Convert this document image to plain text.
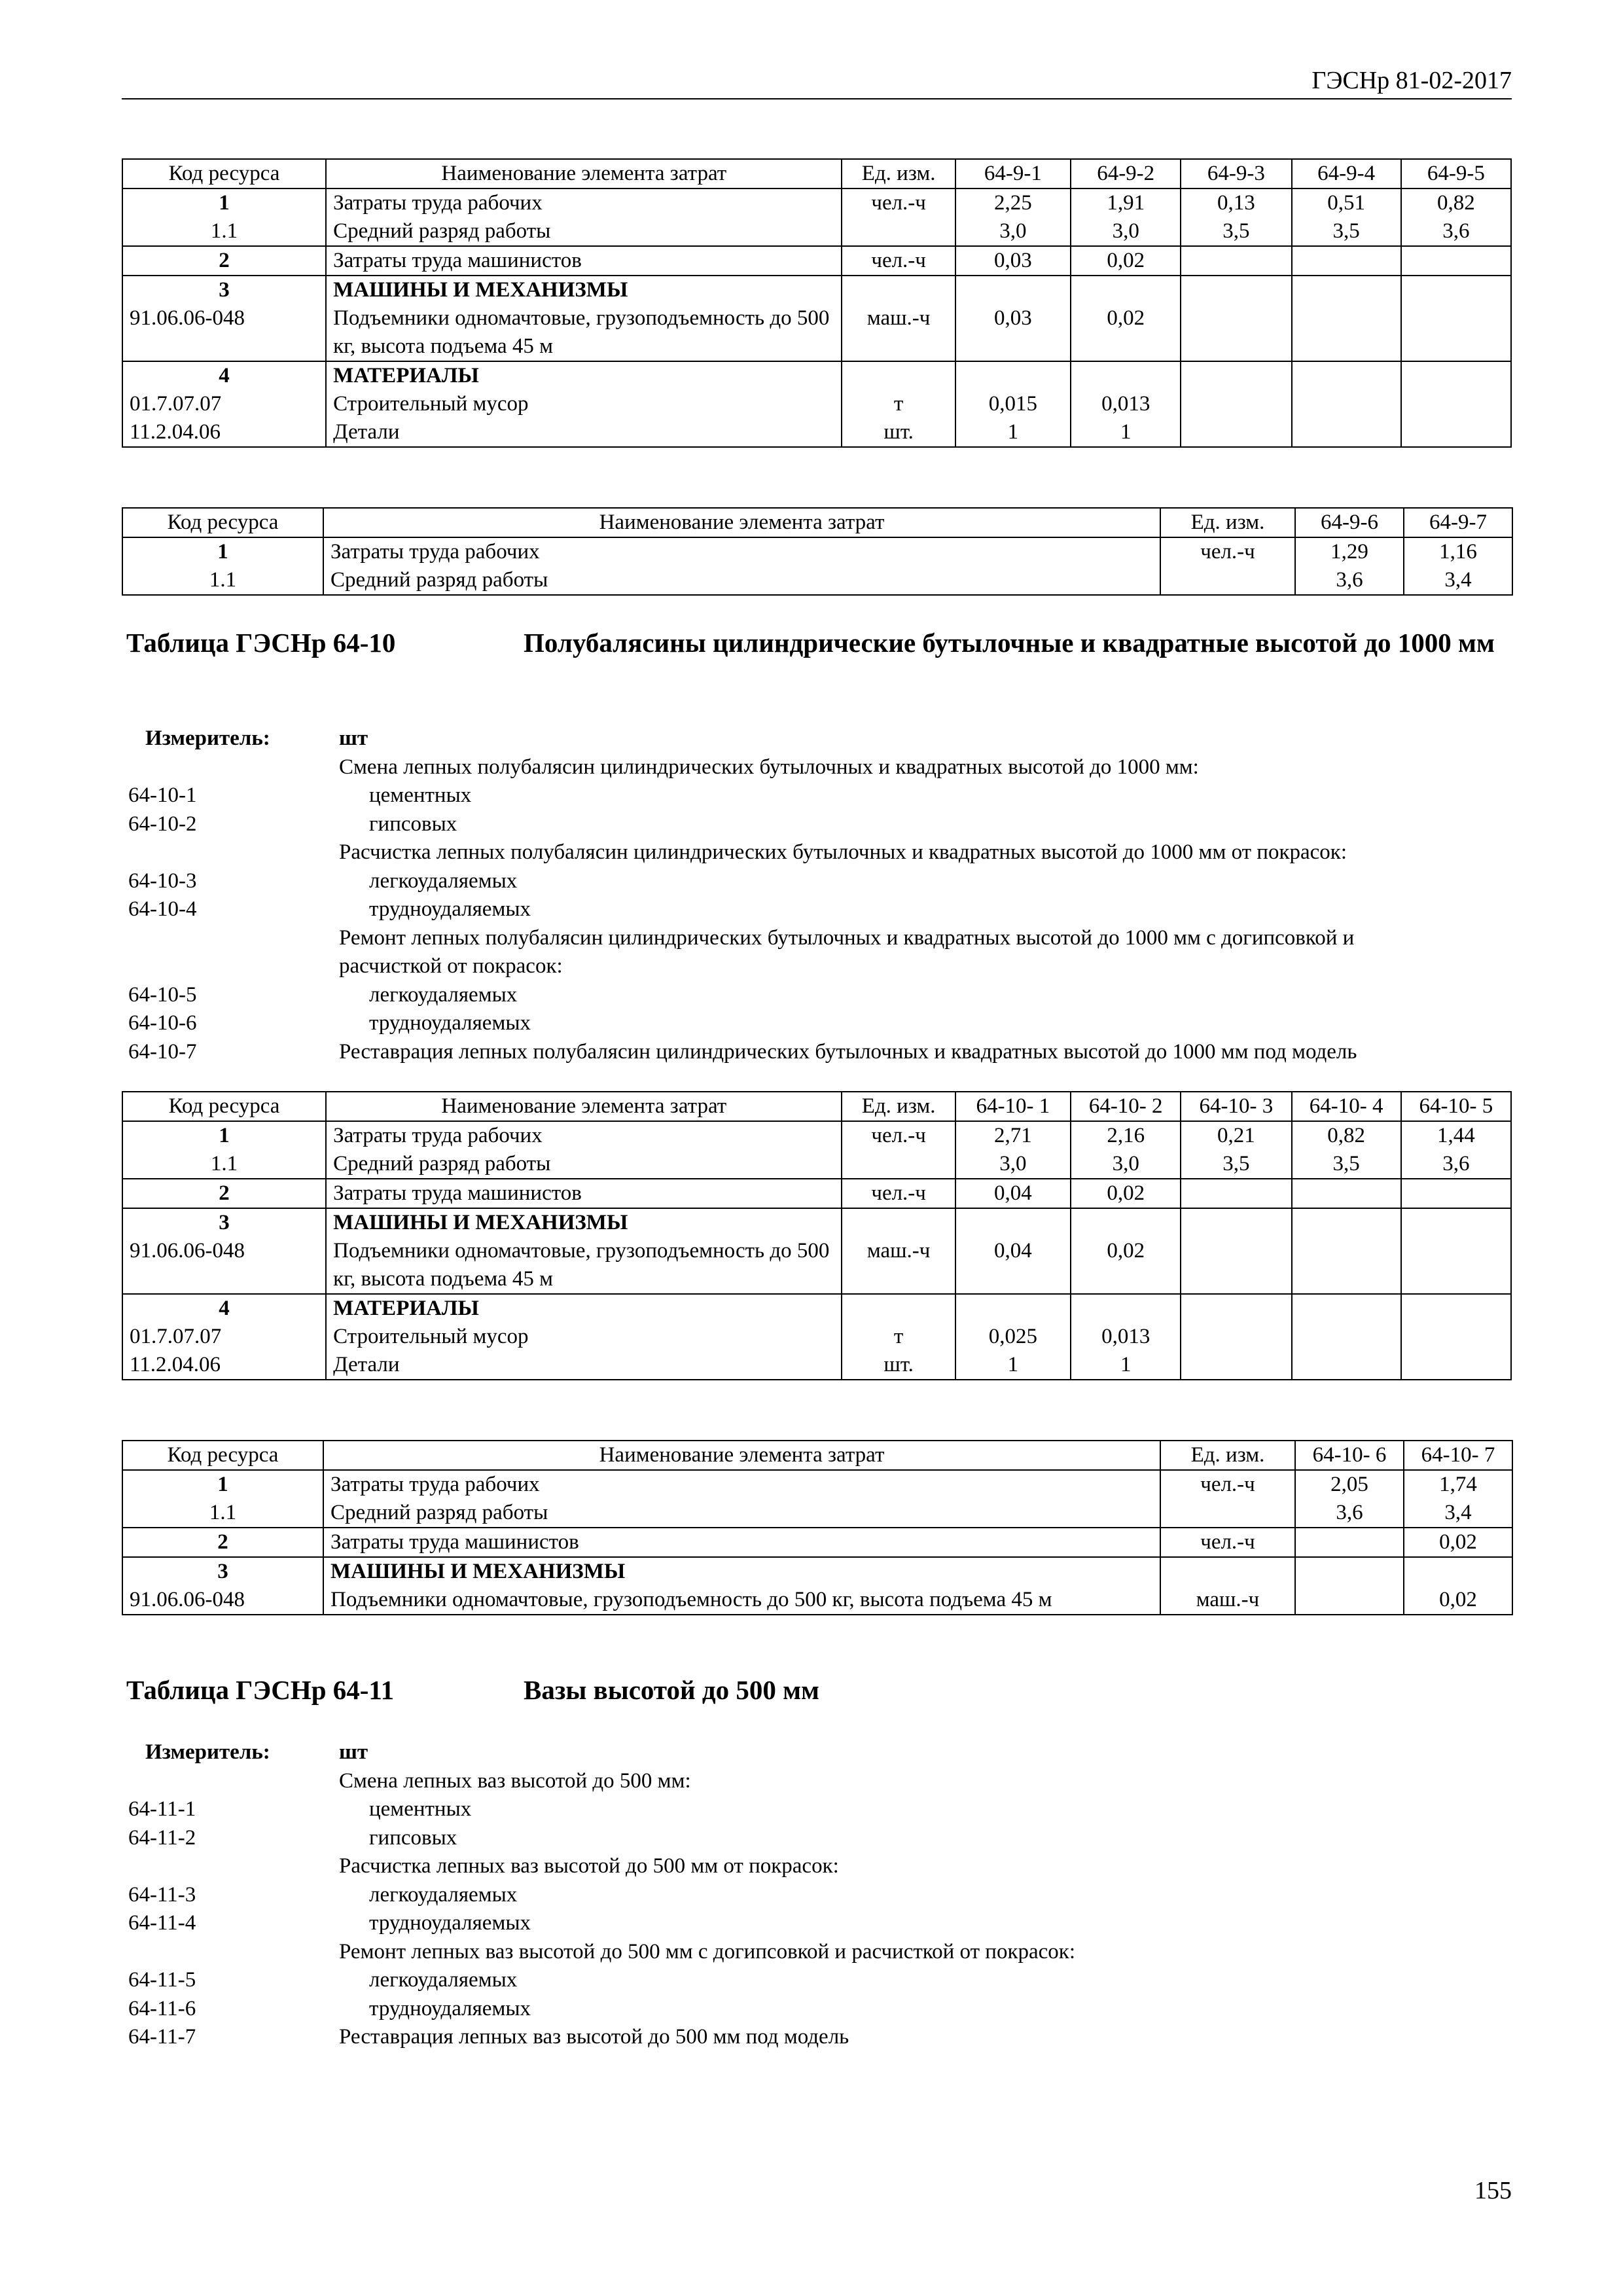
ГЭСНр 81-02-2017
Код ресурса	Наименование элемента затрат	Ед. изм.	64-9-1	64-9-2	64-9-3	64-9-4	64-9-5
1	Затраты труда рабочих	чел.-ч	2,25	1,91	0,13	0,51	0,82
1.1	Средний разряд работы		3,0	3,0	3,5	3,5	3,6
2	Затраты труда машинистов	чел.-ч	0,03	0,02			
3	МАШИНЫ И МЕХАНИЗМЫ						
91.06.06-048	Подъемники одномачтовые, грузоподъемность до 500 кг, высота подъема 45 м	маш.-ч	0,03	0,02			
4	МАТЕРИАЛЫ						
01.7.07.07	Строительный мусор	т	0,015	0,013			
11.2.04.06	Детали	шт.	1	1			
Код ресурса	Наименование элемента затрат	Ед. изм.	64-9-6	64-9-7
1	Затраты труда рабочих	чел.-ч	1,29	1,16
1.1	Средний разряд работы		3,6	3,4
Таблица ГЭСНр 64-10	Полубалясины цилиндрические бутылочные и квадратные высотой до 1000 мм
Измеритель:	шт
Смена лепных полубалясин цилиндрических бутылочных и квадратных высотой до 1000 мм:
64-10-1	цементных
64-10-2	гипсовых
Расчистка лепных полубалясин цилиндрических бутылочных и квадратных высотой до 1000 мм от покрасок:
64-10-3	легкоудаляемых
64-10-4	трудноудаляемых
Ремонт лепных полубалясин цилиндрических бутылочных и квадратных высотой до 1000 мм с догипсовкой и
расчисткой от покрасок:
64-10-5	легкоудаляемых
64-10-6	трудноудаляемых
64-10-7	Реставрация лепных полубалясин цилиндрических бутылочных и квадратных высотой до 1000 мм под модель
Код ресурса	Наименование элемента затрат	Ед. изм.	64-10- 1	64-10- 2	64-10- 3	64-10- 4	64-10- 5
1	Затраты труда рабочих	чел.-ч	2,71	2,16	0,21	0,82	1,44
1.1	Средний разряд работы		3,0	3,0	3,5	3,5	3,6
2	Затраты труда машинистов	чел.-ч	0,04	0,02			
3	МАШИНЫ И МЕХАНИЗМЫ						
91.06.06-048	Подъемники одномачтовые, грузоподъемность до 500 кг, высота подъема 45 м	маш.-ч	0,04	0,02			
4	МАТЕРИАЛЫ						
01.7.07.07	Строительный мусор	т	0,025	0,013			
11.2.04.06	Детали	шт.	1	1			
Код ресурса	Наименование элемента затрат	Ед. изм.	64-10- 6	64-10- 7
1	Затраты труда рабочих	чел.-ч	2,05	1,74
1.1	Средний разряд работы		3,6	3,4
2	Затраты труда машинистов	чел.-ч		0,02
3	МАШИНЫ И МЕХАНИЗМЫ			
91.06.06-048	Подъемники одномачтовые, грузоподъемность до 500 кг, высота подъема 45 м	маш.-ч		0,02
Таблица ГЭСНр 64-11	Вазы высотой до 500 мм
Измеритель:	шт
Смена лепных ваз высотой до 500 мм:
64-11-1	цементных
64-11-2	гипсовых
Расчистка лепных ваз высотой до 500 мм от покрасок:
64-11-3	легкоудаляемых
64-11-4	трудноудаляемых
Ремонт лепных ваз высотой до 500 мм с догипсовкой и расчисткой от покрасок:
64-11-5	легкоудаляемых
64-11-6	трудноудаляемых
64-11-7	Реставрация лепных ваз высотой до 500 мм под модель
155
